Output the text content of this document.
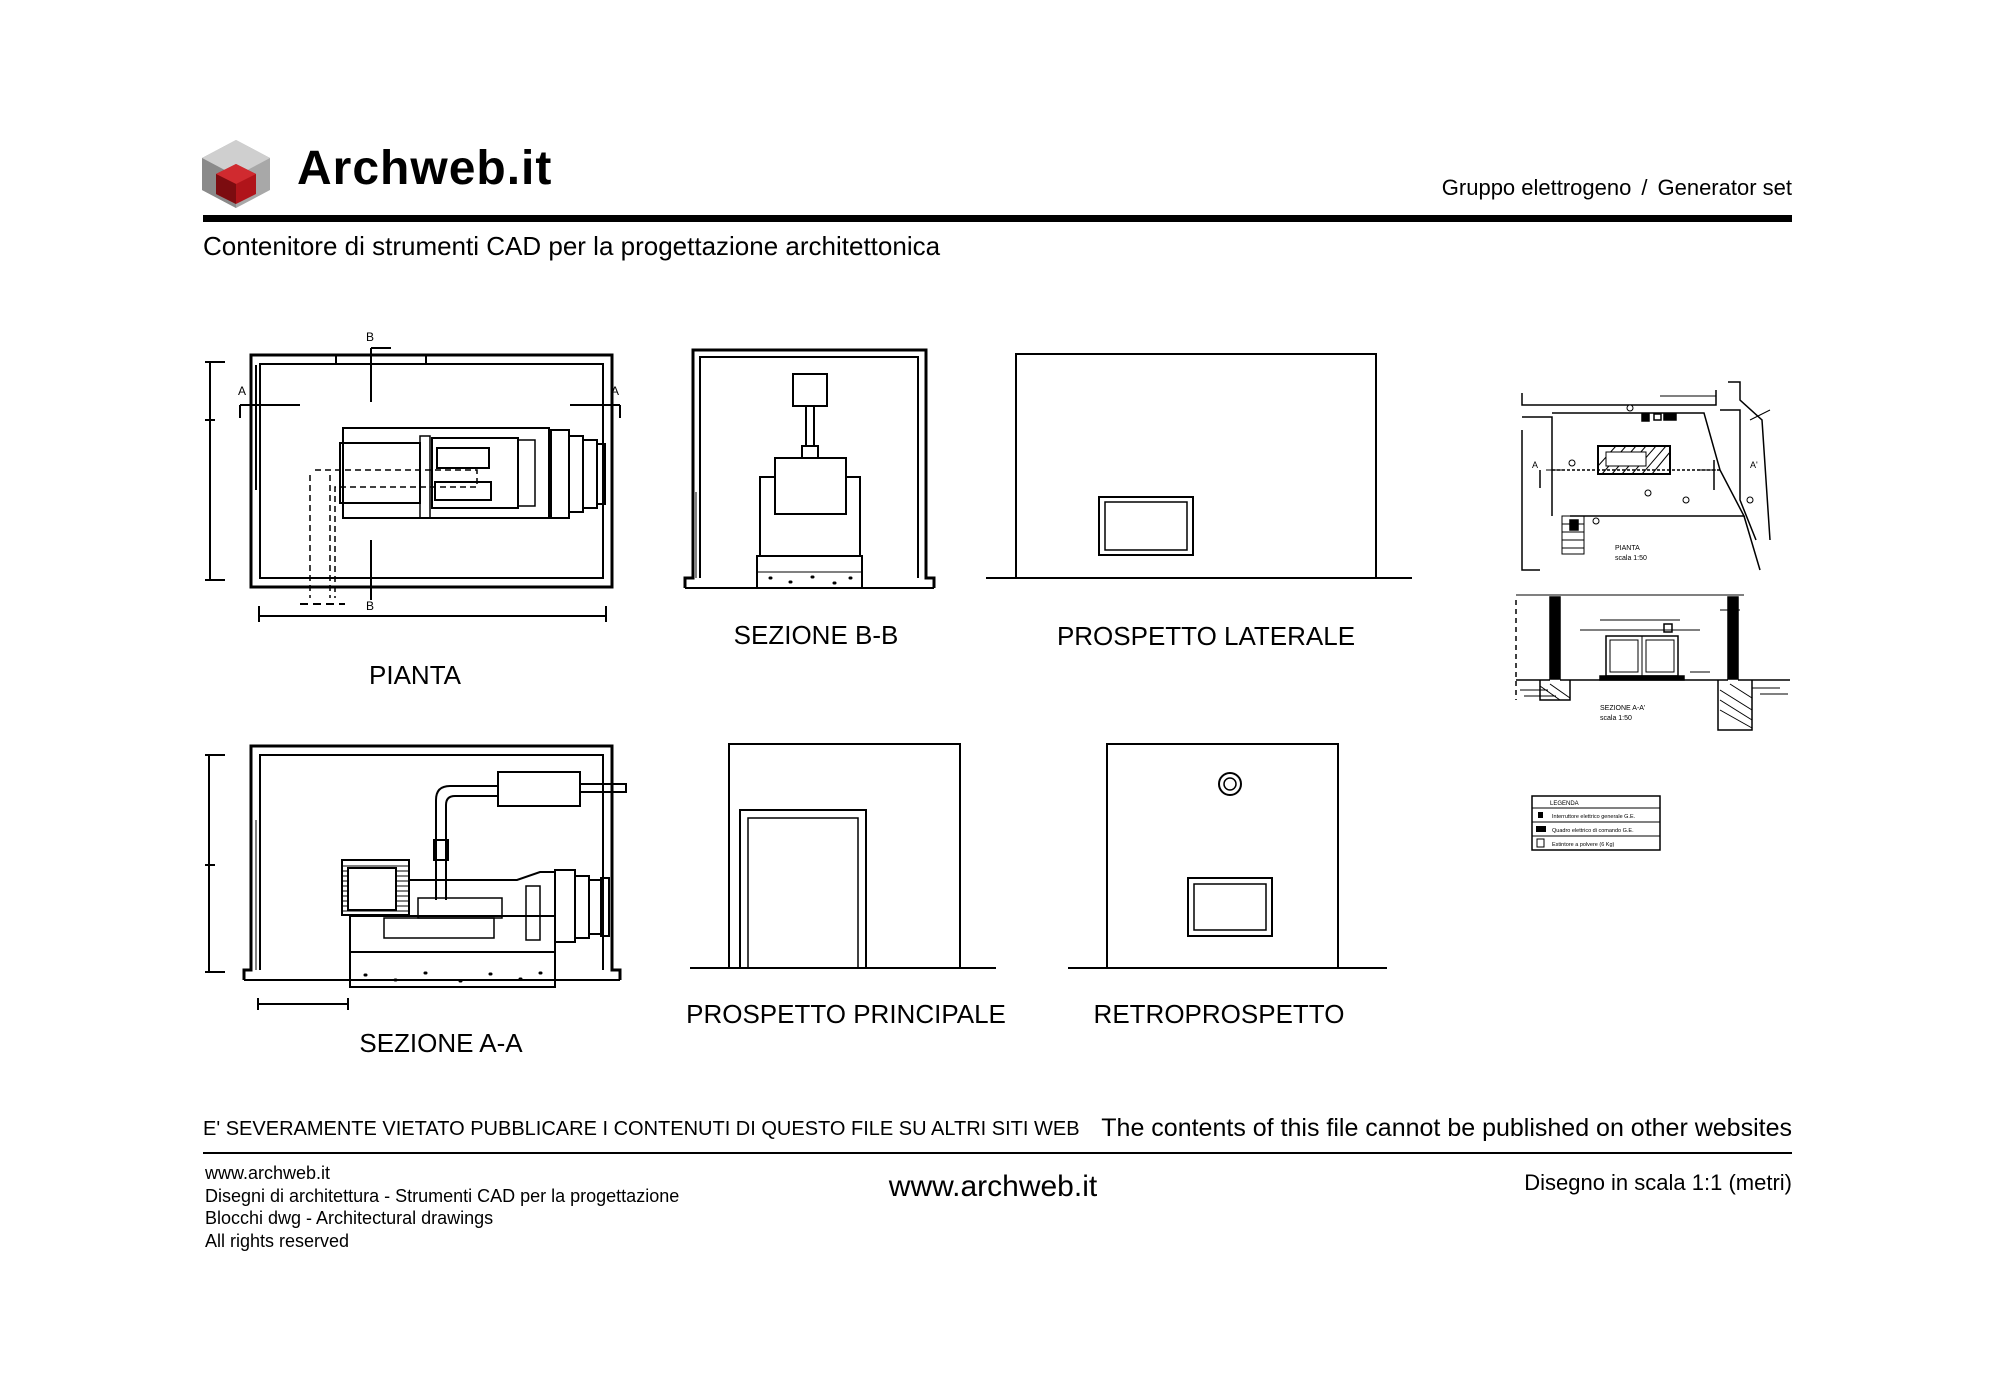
Archweb.it	Gruppo elettrogeno / Generator set
Contenitore di strumenti CAD per la progettazione architettonica
B
B
A	A
A	A'
PIANTA
scala 1:50
SEZIONE A-A'
scala 1:50
LEGENDA
Interruttore elettrico generale G.E.
Quadro elettrico di comando G.E.
Estintore a polvere (6 Kg)
PIANTA
SEZIONE B-B	PROSPETTO LATERALE
SEZIONE A-A
PROSPETTO PRINCIPALE	RETROPROSPETTO
E' SEVERAMENTE VIETATO PUBBLICARE I CONTENUTI DI QUESTO FILE SU ALTRI SITI WEB The contents of this file cannot be published on other websites
www.archweb.it
Disegni di architettura - Strumenti CAD per la progettazione
Blocchi dwg - Architectural drawings
All rights reserved
www.archweb.it	Disegno in scala 1:1 (metri)
